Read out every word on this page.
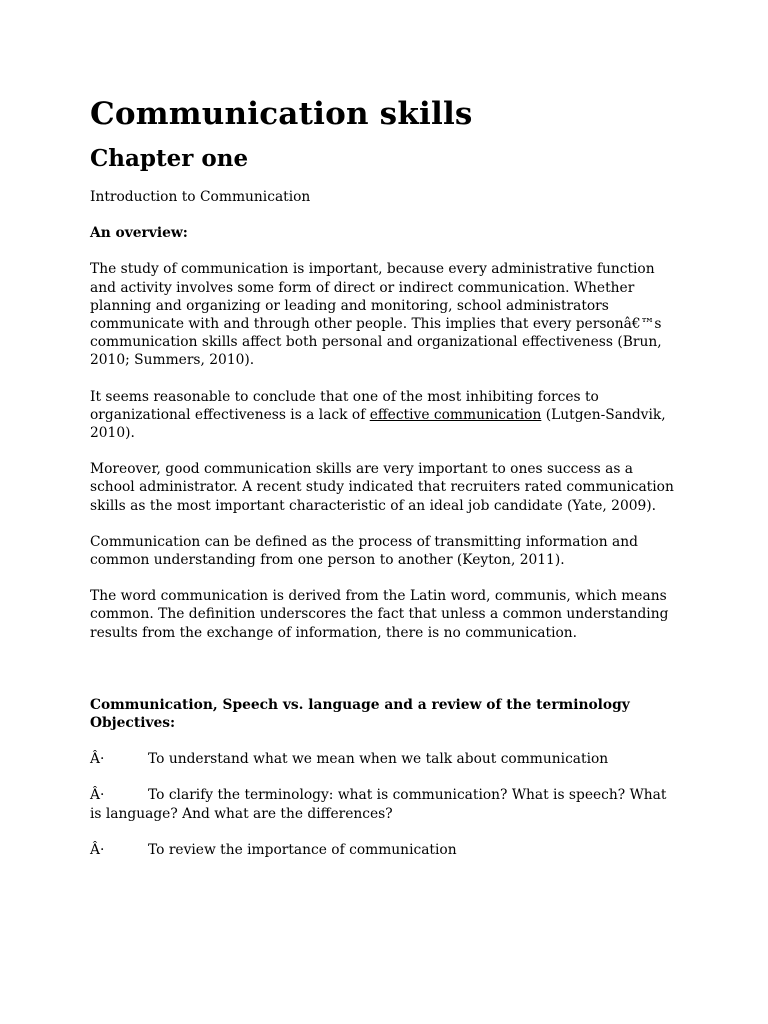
Communication skills
Chapter one

Introduction to Communication

An overview:

The study of communication is important, because every administrative function and activity involves some form of direct or indirect communication. Whether planning and organizing or leading and monitoring, school administrators communicate with and through other people. This implies that every personâ€™s communication skills affect both personal and organizational effectiveness (Brun, 2010; Summers, 2010).

It seems reasonable to conclude that one of the most inhibiting forces to organizational effectiveness is a lack of effective communication (Lutgen-Sandvik, 2010).

Moreover, good communication skills are very important to ones success as a school administrator. A recent study indicated that recruiters rated communication skills as the most important characteristic of an ideal job candidate (Yate, 2009).

Communication can be defined as the process of transmitting information and common understanding from one person to another (Keyton, 2011).

The word communication is derived from the Latin word, communis, which means common. The definition underscores the fact that unless a common understanding results from the exchange of information, there is no communication.

Communication, Speech vs. language and a review of the terminology
Objectives:

Â·	To understand what we mean when we talk about communication

Â·	To clarify the terminology: what is communication? What is speech? What is language? And what are the differences?

Â·	To review the importance of communication
